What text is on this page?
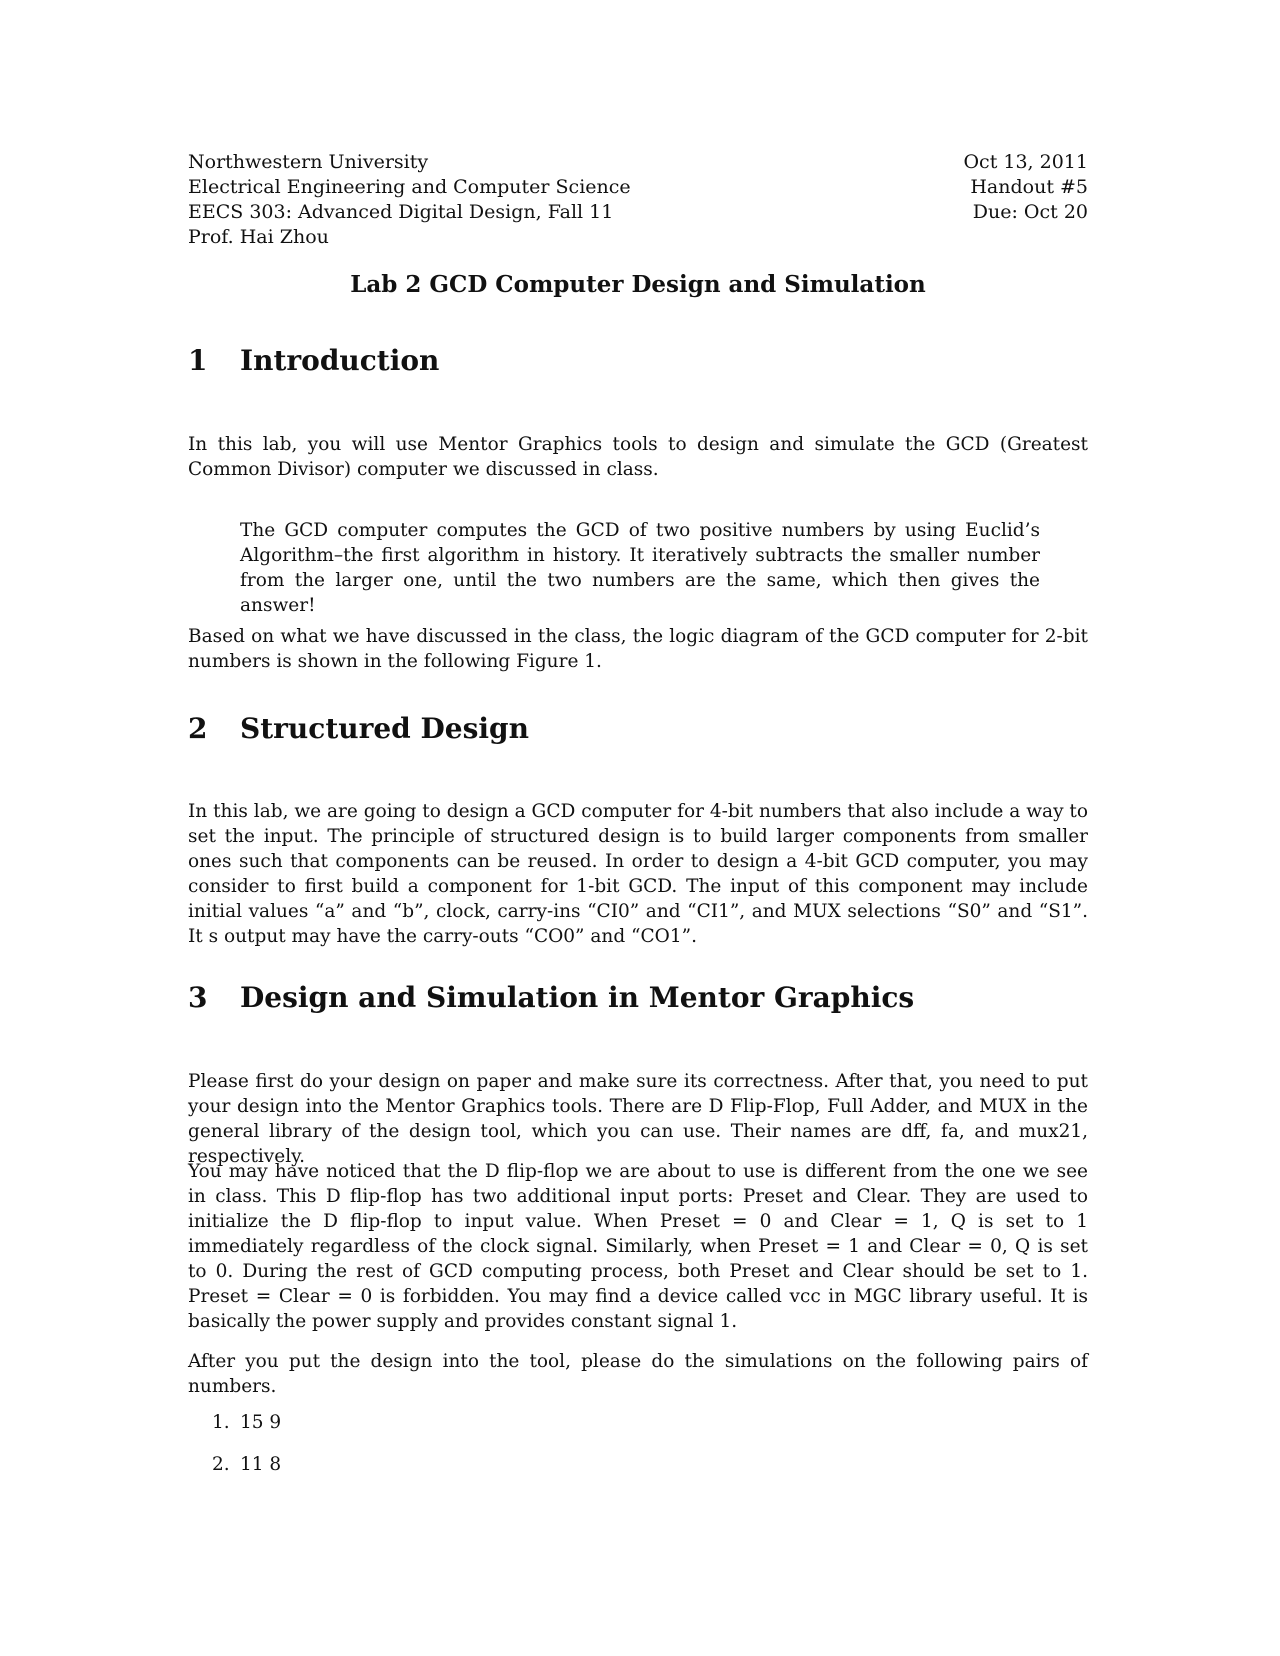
Northwestern University
Electrical Engineering and Computer Science
EECS 303: Advanced Digital Design, Fall 11
Prof. Hai Zhou
Oct 13, 2011
Handout #5
Due: Oct 20
Lab 2 GCD Computer Design and Simulation
1 Introduction

In this lab, you will use Mentor Graphics tools to design and simulate the GCD (Greatest Common Divisor) computer we discussed in class.

The GCD computer computes the GCD of two positive numbers by using Euclid’s Algorithm–the first algorithm in history. It iteratively subtracts the smaller number from the larger one, until the two numbers are the same, which then gives the answer!

Based on what we have discussed in the class, the logic diagram of the GCD computer for 2-bit numbers is shown in the following Figure 1.

2 Structured Design

In this lab, we are going to design a GCD computer for 4-bit numbers that also include a way to set the input. The principle of structured design is to build larger components from smaller ones such that components can be reused. In order to design a 4-bit GCD computer, you may consider to first build a component for 1-bit GCD. The input of this component may include initial values “a” and “b”, clock, carry-ins “CI0” and “CI1”, and MUX selections “S0” and “S1”. It s output may have the carry-outs “CO0” and “CO1”.

3 Design and Simulation in Mentor Graphics

Please first do your design on paper and make sure its correctness. After that, you need to put your design into the Mentor Graphics tools. There are D Flip-Flop, Full Adder, and MUX in the general library of the design tool, which you can use. Their names are dff, fa, and mux21, respectively.

You may have noticed that the D flip-flop we are about to use is different from the one we see in class. This D flip-flop has two additional input ports: Preset and Clear. They are used to initialize the D flip-flop to input value. When Preset = 0 and Clear = 1, Q is set to 1 immediately regardless of the clock signal. Similarly, when Preset = 1 and Clear = 0, Q is set to 0. During the rest of GCD computing process, both Preset and Clear should be set to 1. Preset = Clear = 0 is forbidden. You may find a device called vcc in MGC library useful. It is basically the power supply and provides constant signal 1.

After you put the design into the tool, please do the simulations on the following pairs of numbers.

1. 15 9
2. 11 8
